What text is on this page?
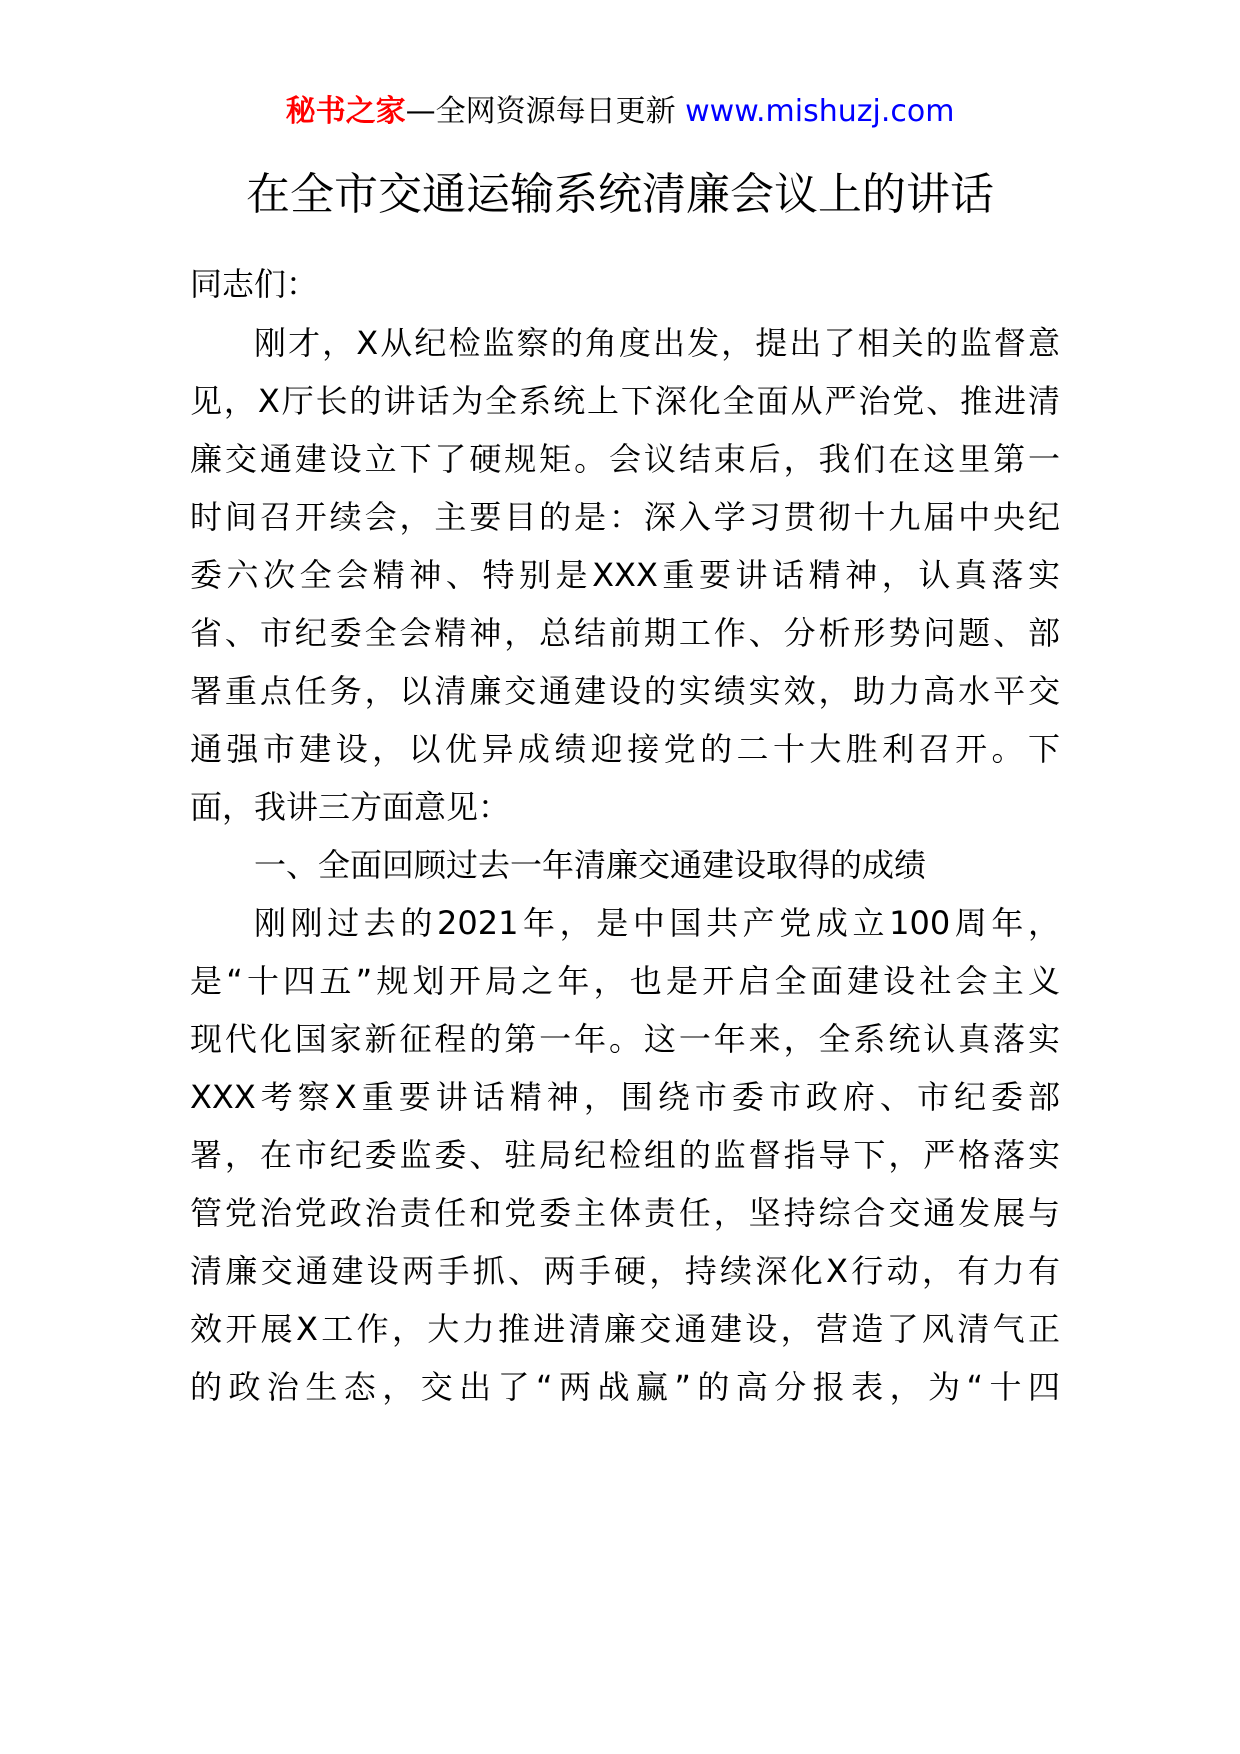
秘书之家—全网资源每日更新 www.mishuzj.com
在全市交通运输系统清廉会议上的讲话

同志们：

刚才，X从纪检监察的角度出发，提出了相关的监督意

见，X厅长的讲话为全系统上下深化全面从严治党、推进清

廉交通建设立下了硬规矩。会议结束后，我们在这里第一

时间召开续会，主要目的是：深入学习贯彻十九届中央纪

委六次全会精神、特别是XXX重要讲话精神，认真落实

省、市纪委全会精神，总结前期工作、分析形势问题、部

署重点任务，以清廉交通建设的实绩实效，助力高水平交

通强市建设，以优异成绩迎接党的二十大胜利召开。下

面，我讲三方面意见：

一、全面回顾过去一年清廉交通建设取得的成绩

刚刚过去的2021年，是中国共产党成立100周年，

是“十四五”规划开局之年，也是开启全面建设社会主义

现代化国家新征程的第一年。这一年来，全系统认真落实

XXX考察X重要讲话精神，围绕市委市政府、市纪委部

署，在市纪委监委、驻局纪检组的监督指导下，严格落实

管党治党政治责任和党委主体责任，坚持综合交通发展与

清廉交通建设两手抓、两手硬，持续深化X行动，有力有

效开展X工作，大力推进清廉交通建设，营造了风清气正

的政治生态，交出了“两战赢”的高分报表，为“十四
